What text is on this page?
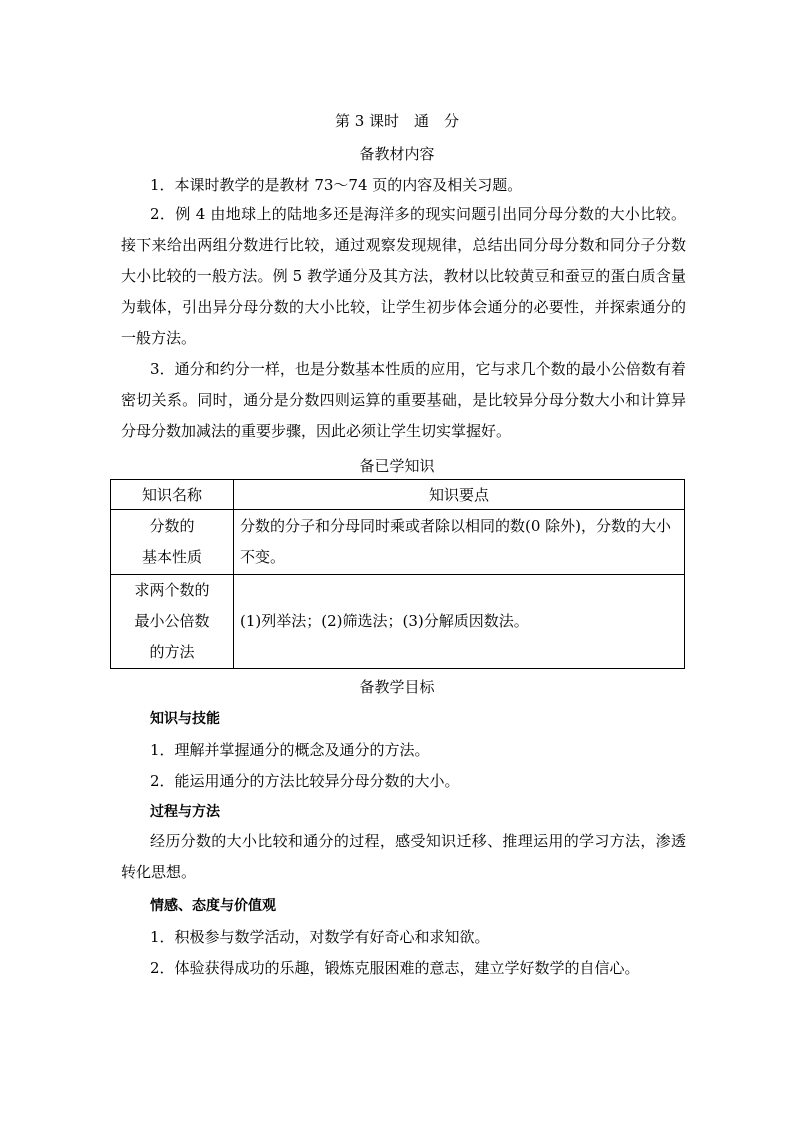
第 3 课时　通　分
备教材内容
1．本课时教学的是教材 73～74 页的内容及相关习题。
2．例 4 由地球上的陆地多还是海洋多的现实问题引出同分母分数的大小比较。接下来给出两组分数进行比较，通过观察发现规律，总结出同分母分数和同分子分数大小比较的一般方法。例 5 教学通分及其方法，教材以比较黄豆和蚕豆的蛋白质含量为载体，引出异分母分数的大小比较，让学生初步体会通分的必要性，并探索通分的一般方法。
3．通分和约分一样，也是分数基本性质的应用，它与求几个数的最小公倍数有着密切关系。同时，通分是分数四则运算的重要基础，是比较异分母分数大小和计算异分母分数加减法的重要步骤，因此必须让学生切实掌握好。
备已学知识
知识名称	知识要点

分数的
基本性质	分数的分子和分母同时乘或者除以相同的数(0 除外)，分数的大小不变。

求两个数的
最小公倍数
的方法	(1)列举法；(2)筛选法；(3)分解质因数法。
备教学目标
知识与技能
1．理解并掌握通分的概念及通分的方法。
2．能运用通分的方法比较异分母分数的大小。
过程与方法
经历分数的大小比较和通分的过程，感受知识迁移、推理运用的学习方法，渗透转化思想。
情感、态度与价值观
1．积极参与数学活动，对数学有好奇心和求知欲。
2．体验获得成功的乐趣，锻炼克服困难的意志，建立学好数学的自信心。
